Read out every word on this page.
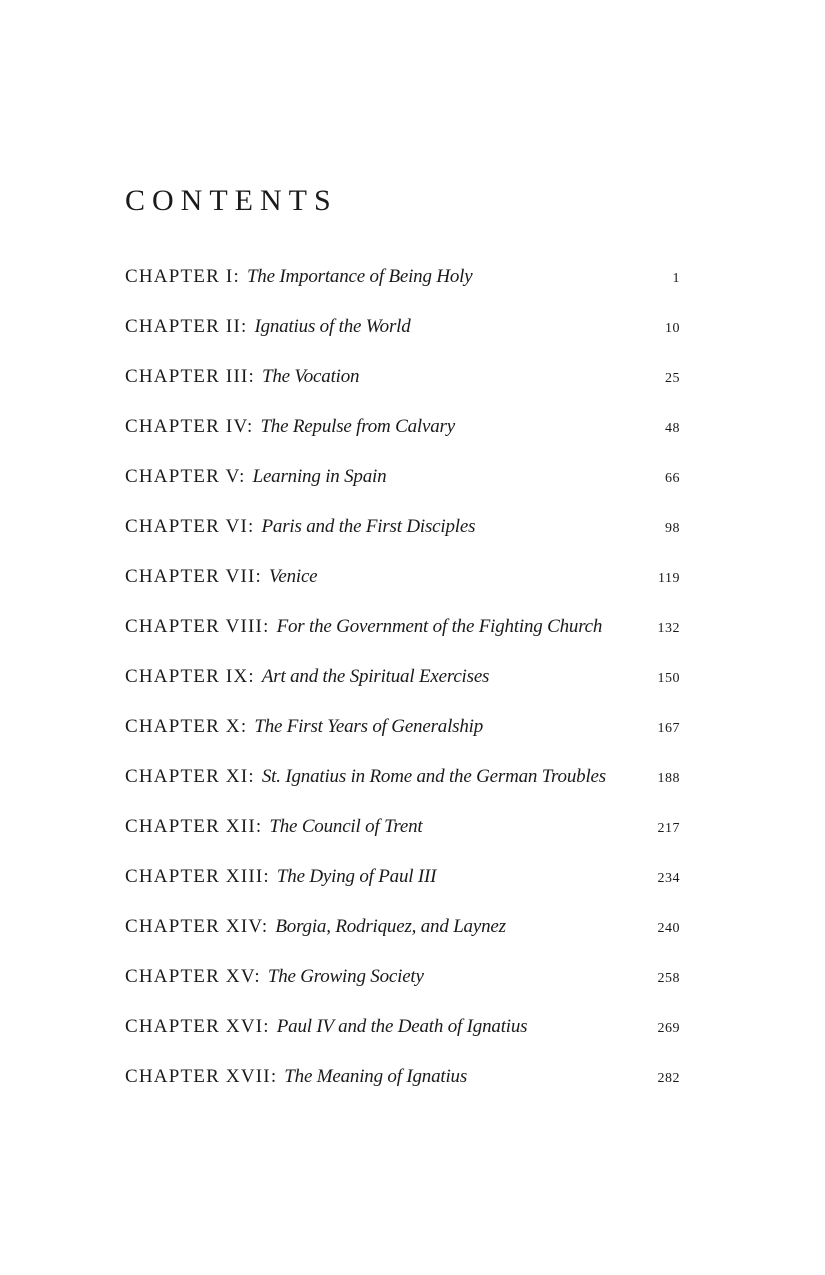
CONTENTS
CHAPTER I: The Importance of Being Holy	1
CHAPTER II: Ignatius of the World	10
CHAPTER III: The Vocation	25
CHAPTER IV: The Repulse from Calvary	48
CHAPTER V: Learning in Spain	66
CHAPTER VI: Paris and the First Disciples	98
CHAPTER VII: Venice	119
CHAPTER VIII: For the Government of the Fighting Church	132
CHAPTER IX: Art and the Spiritual Exercises	150
CHAPTER X: The First Years of Generalship	167
CHAPTER XI: St. Ignatius in Rome and the German Troubles	188
CHAPTER XII: The Council of Trent	217
CHAPTER XIII: The Dying of Paul III	234
CHAPTER XIV: Borgia, Rodriquez, and Laynez	240
CHAPTER XV: The Growing Society	258
CHAPTER XVI: Paul IV and the Death of Ignatius	269
CHAPTER XVII: The Meaning of Ignatius	282
